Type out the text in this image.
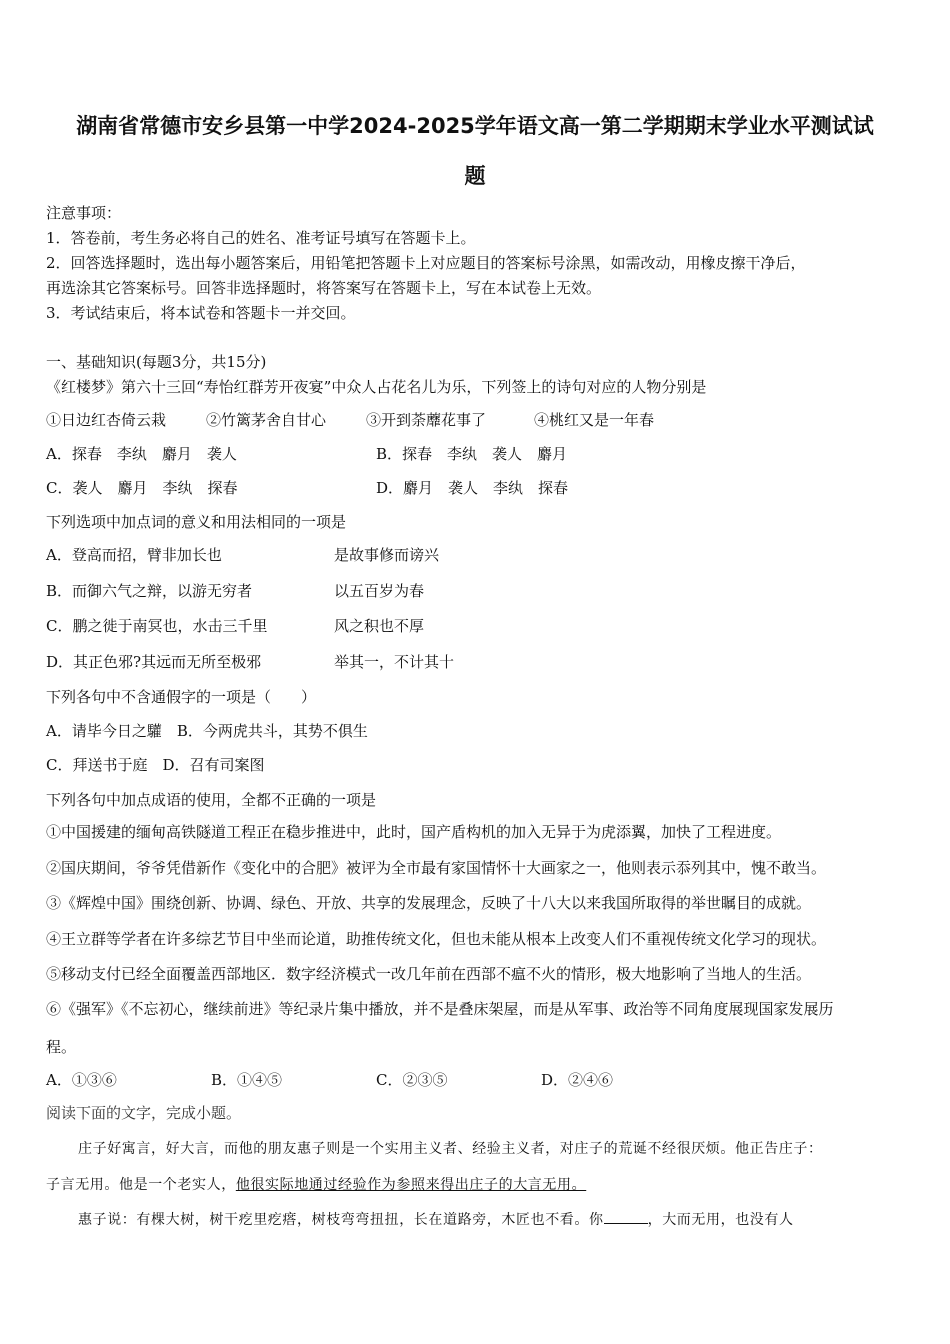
湖南省常德市安乡县第一中学2024-2025学年语文高一第二学期期末学业水平测试试
题
注意事项：
1．答卷前，考生务必将自己的姓名、准考证号填写在答题卡上。
2．回答选择题时，选出每小题答案后，用铅笔把答题卡上对应题目的答案标号涂黑，如需改动，用橡皮擦干净后，
再选涂其它答案标号。回答非选择题时，将答案写在答题卡上，写在本试卷上无效。
3．考试结束后，将本试卷和答题卡一并交回。
一、基础知识(每题3分，共15分)
《红楼梦》第六十三回“寿怡红群芳开夜宴”中众人占花名儿为乐，下列签上的诗句对应的人物分别是
①日边红杏倚云栽	②竹篱茅舍自甘心	③开到荼蘼花事了	④桃红又是一年春
A．探春　李纨　麝月　袭人	B．探春　李纨　袭人　麝月
C．袭人　麝月　李纨　探春	D．麝月　袭人　李纨　探春
下列选项中加点词的意义和用法相同的一项是
A．登高而招，臂非加长也	是故事修而谤兴
B．而御六气之辩，以游无穷者	以五百岁为春
C．鹏之徙于南冥也，水击三千里	风之积也不厚
D．其正色邪?其远而无所至极邪	举其一，不计其十
下列各句中不含通假字的一项是（　　）
A．请毕今日之驩　B．今两虎共斗，其势不俱生
C．拜送书于庭　D．召有司案图
下列各句中加点成语的使用，全都不正确的一项是
①中国援建的缅甸高铁隧道工程正在稳步推进中，此时，国产盾构机的加入无异于为虎添翼，加快了工程进度。
②国庆期间，爷爷凭借新作《变化中的合肥》被评为全市最有家国情怀十大画家之一，他则表示忝列其中，愧不敢当。
③《辉煌中国》围绕创新、协调、绿色、开放、共享的发展理念，反映了十八大以来我国所取得的举世瞩目的成就。
④王立群等学者在许多综艺节目中坐而论道，助推传统文化，但也未能从根本上改变人们不重视传统文化学习的现状。
⑤移动支付已经全面覆盖西部地区．数字经济模式一改几年前在西部不瘟不火的情形，极大地影响了当地人的生活。
⑥《强军》《不忘初心，继续前进》等纪录片集中播放，并不是叠床架屋，而是从军事、政治等不同角度展现国家发展历
程。
A．①③⑥	B．①④⑤	C．②③⑤	D．②④⑥
阅读下面的文字，完成小题。
庄子好寓言，好大言，而他的朋友惠子则是一个实用主义者、经验主义者，对庄子的荒诞不经很厌烦。他正告庄子：
子言无用。他是一个老实人，他很实际地通过经验作为参照来得出庄子的大言无用。
惠子说：有棵大树，树干疙里疙瘩，树枝弯弯扭扭，长在道路旁，木匠也不看。你	，大而无用，也没有人
